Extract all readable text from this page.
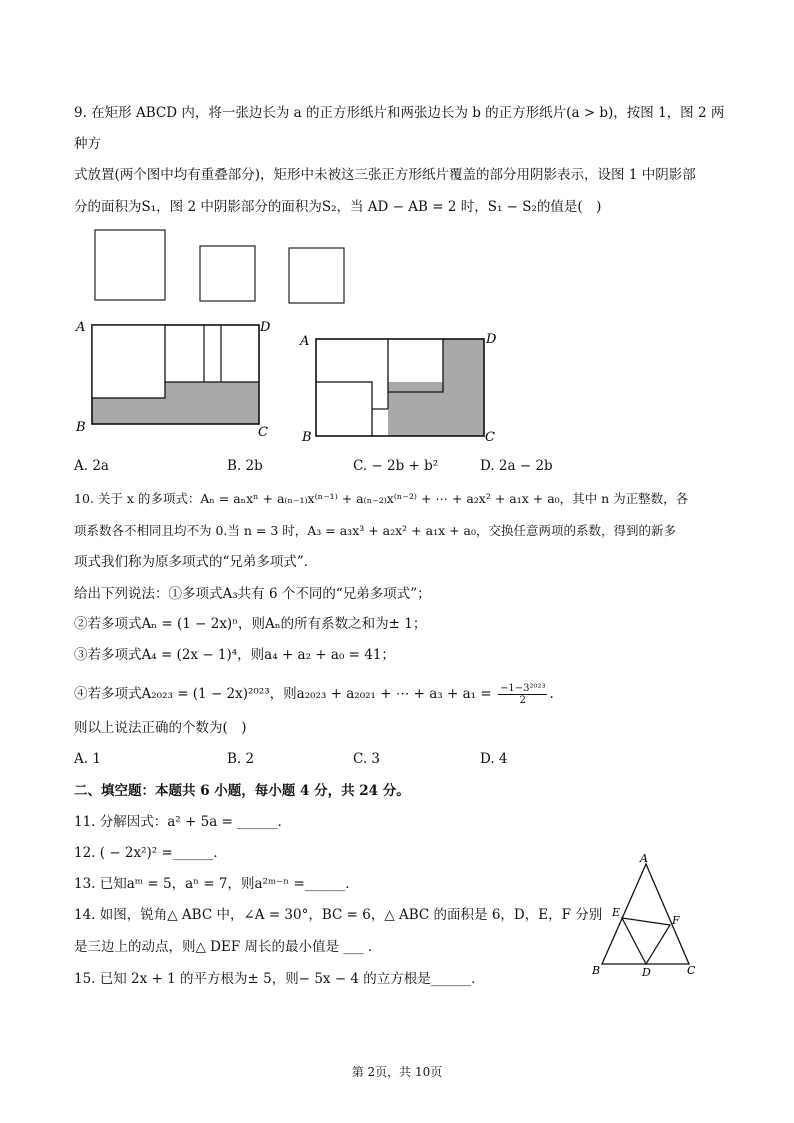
9. 在矩形 ABCD 内，将一张边长为 a 的正方形纸片和两张边长为 b 的正方形纸片(a > b)，按图 1，图 2 两
种方
式放置(两个图中均有重叠部分)，矩形中未被这三张正方形纸片覆盖的部分用阴影表示，设图 1 中阴影部
分的面积为S₁，图 2 中阴影部分的面积为S₂，当 AD − AB = 2 时，S₁ − S₂的值是(　)
A
B
D
C
A
B
D
C
A. 2a	B. 2b	C. − 2b + b²	D. 2a − 2b
10. 关于 x 的多项式：Aₙ = aₙxⁿ + a₍ₙ₋₁₎x⁽ⁿ⁻¹⁾ + a₍ₙ₋₂₎x⁽ⁿ⁻²⁾ + ⋯ + a₂x² + a₁x + a₀，其中 n 为正整数，各
项系数各不相同且均不为 0.当 n = 3 时，A₃ = a₃x³ + a₂x² + a₁x + a₀，交换任意两项的系数，得到的新多
项式我们称为原多项式的“兄弟多项式”．
给出下列说法：①多项式A₃共有 6 个不同的“兄弟多项式”；
②若多项式Aₙ = (1 − 2x)ⁿ，则Aₙ的所有系数之和为± 1；
③若多项式A₄ = (2x − 1)⁴，则a₄ + a₂ + a₀ = 41；
④若多项式A₂₀₂₃ = (1 − 2x)²⁰²³，则a₂₀₂₃ + a₂₀₂₁ + ⋯ + $a_3 + a_1 = \frac{\text{−1−3²⁰²³}}{2}$ .
则以上说法正确的个数为(　)
A. 1	B. 2	C. 3	D. 4
二、填空题：本题共 6 小题，每小题 4 分，共 24 分。
11. 分解因式：a² + 5a = ______．
12. ( − 2x²)² =______．
13. 已知aᵐ = 5，aⁿ = 7，则a²ᵐ⁻ⁿ =______．
14. 如图，锐角△ ABC 中，∠A = 30°，BC = 6，△ ABC 的面积是 6，D，E，F 分别
是三边上的动点，则△ DEF 周长的最小值是 ___ ．
15. 已知 2x + 1 的平方根为± 5，则− 5x − 4 的立方根是______．
A
B	C
D
E
F
第 2页，共 10页
